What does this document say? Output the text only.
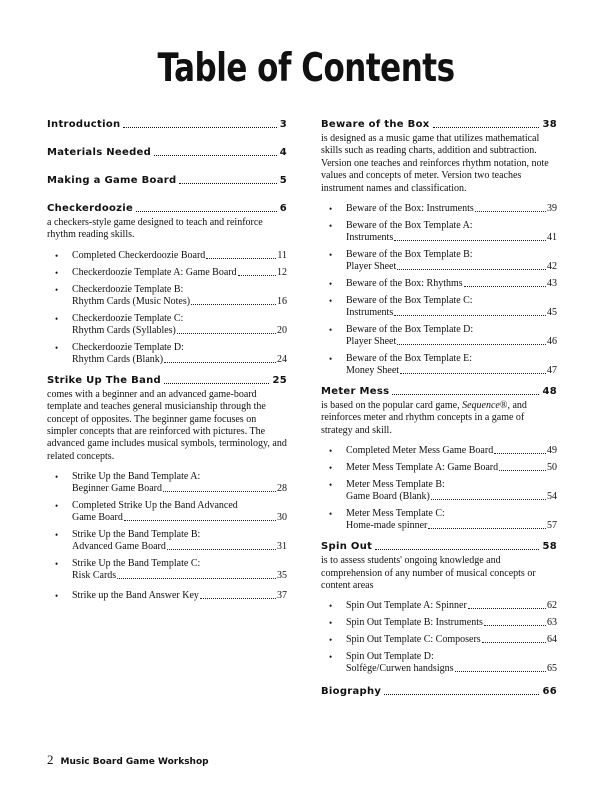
Table of Contents
Introduction	3
Materials Needed	4
Making a Game Board	5
Checkerdoozie	6

a checkers-style game designed to teach and reinforce rhythm reading skills.

• Completed Checkerdoozie Board	11
• Checkerdoozie Template A: Game Board	12
• Checkerdoozie Template B:
Rhythm Cards (Music Notes)	16
• Checkerdoozie Template C:
Rhythm Cards (Syllables)	20
• Checkerdoozie Template D:
Rhythm Cards (Blank)	24
Strike Up The Band	25

comes with a beginner and an advanced game-board template and teaches general musicianship through the concept of opposites. The beginner game focuses on simpler concepts that are reinforced with pictures. The advanced game includes musical symbols, terminology, and related concepts.

• Strike Up the Band Template A:
Beginner Game Board	28
• Completed Strike Up the Band Advanced
Game Board	30
• Strike Up the Band Template B:
Advanced Game Board	31
• Strike Up the Band Template C:
Risk Cards	35
• Strike up the Band Answer Key	37
Beware of the Box	38

is designed as a music game that utilizes mathematical skills such as reading charts, addition and subtraction. Version one teaches and reinforces rhythm notation, note values and concepts of meter. Version two teaches instrument names and classification.

• Beware of the Box: Instruments	39
• Beware of the Box Template A:
Instruments	41
• Beware of the Box Template B:
Player Sheet	42
• Beware of the Box: Rhythms	43
• Beware of the Box Template C:
Instruments	45
• Beware of the Box Template D:
Player Sheet	46
• Beware of the Box Template E:
Money Sheet	47
Meter Mess	48

is based on the popular card game, Sequence®, and reinforces meter and rhythm concepts in a game of strategy and skill.

• Completed Meter Mess Game Board	49
• Meter Mess Template A: Game Board	50
• Meter Mess Template B:
Game Board (Blank)	54
• Meter Mess Template C:
Home-made spinner	57
Spin Out	58

is to assess students' ongoing knowledge and comprehension of any number of musical concepts or content areas

• Spin Out Template A: Spinner	62
• Spin Out Template B: Instruments	63
• Spin Out Template C: Composers	64
• Spin Out Template D:
Solfège/Curwen handsigns	65
Biography	66
2 Music Board Game Workshop
